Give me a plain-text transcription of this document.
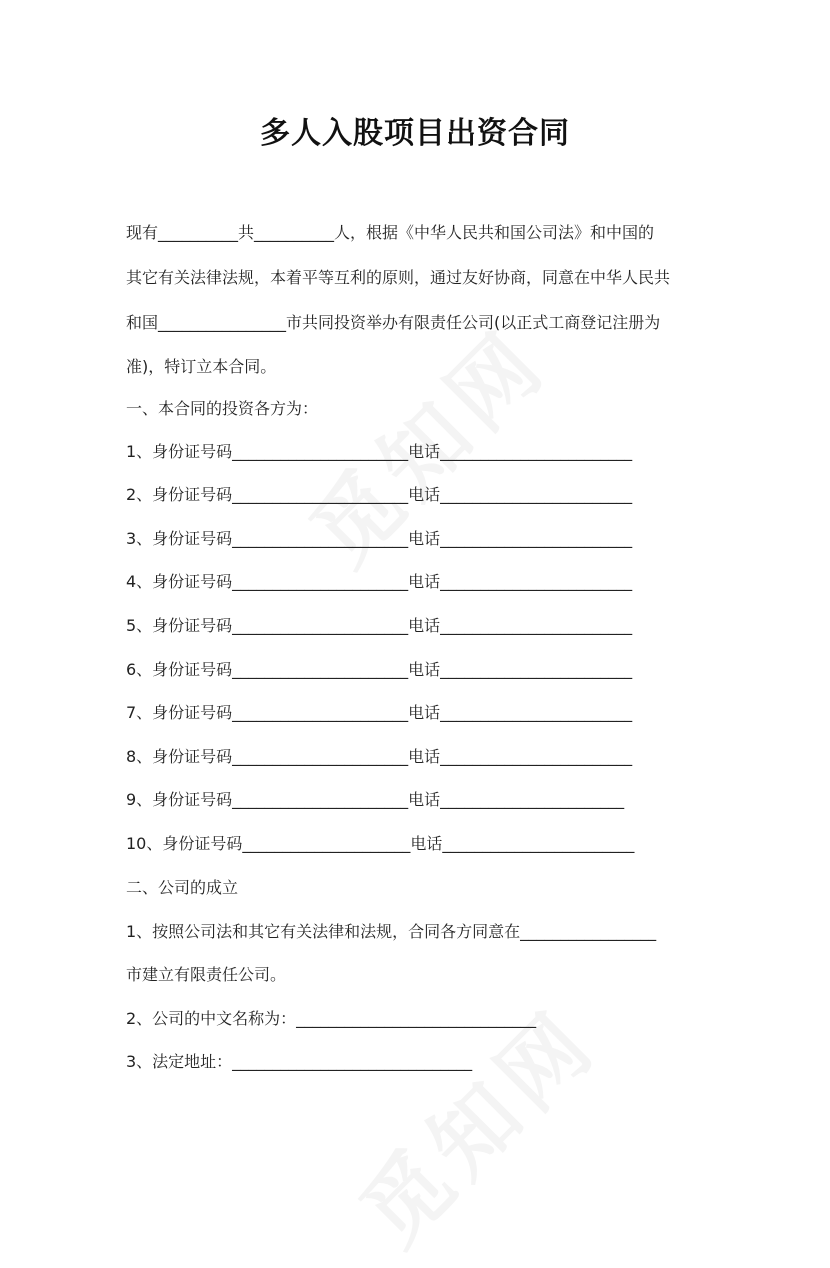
多人入股项目出资合同
现有__________共__________人，根据《中华人民共和国公司法》和中国的
其它有关法律法规，本着平等互利的原则，通过友好协商，同意在中华人民共
和国________________市共同投资举办有限责任公司(以正式工商登记注册为
准)，特订立本合同。
一、本合同的投资各方为：
1、身份证号码______________________电话________________________
2、身份证号码______________________电话________________________
3、身份证号码______________________电话________________________
4、身份证号码______________________电话________________________
5、身份证号码______________________电话________________________
6、身份证号码______________________电话________________________
7、身份证号码______________________电话________________________
8、身份证号码______________________电话________________________
9、身份证号码______________________电话_______________________
10、身份证号码_____________________电话________________________
二、公司的成立
1、按照公司法和其它有关法律和法规，合同各方同意在_________________
市建立有限责任公司。
2、公司的中文名称为：______________________________
3、法定地址：______________________________
